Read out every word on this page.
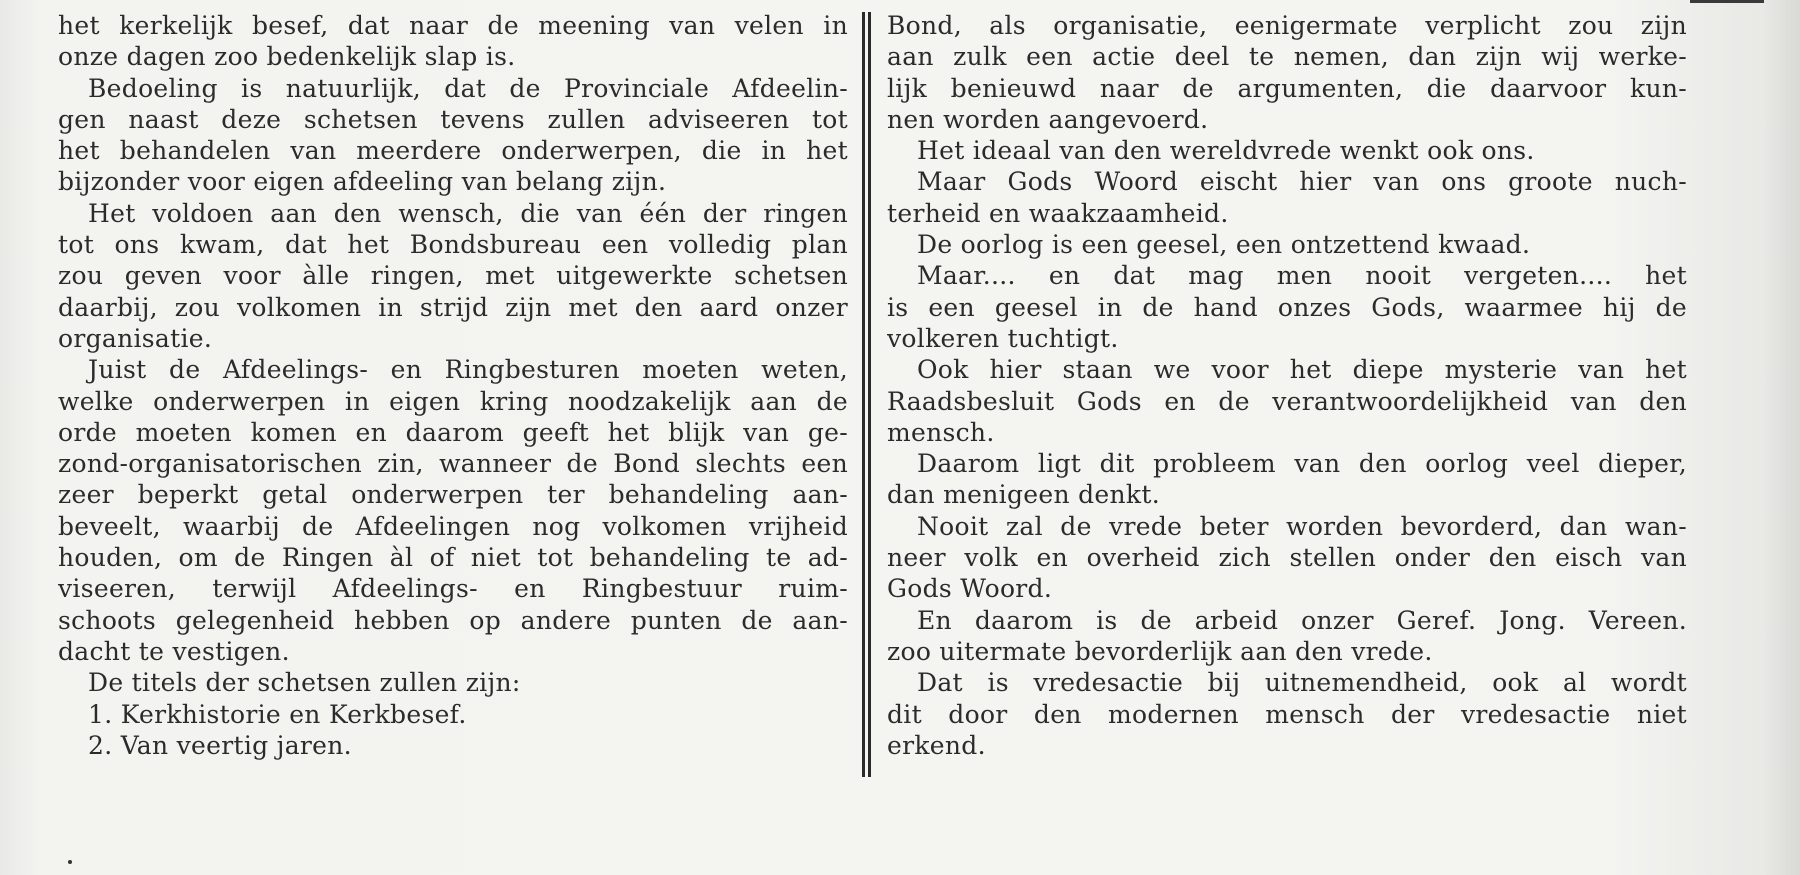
het kerkelijk besef, dat naar de meening van velen in
onze dagen zoo bedenkelijk slap is.
Bedoeling is natuurlijk, dat de Provinciale Afdeelin-
gen naast deze schetsen tevens zullen adviseeren tot
het behandelen van meerdere onderwerpen, die in het
bijzonder voor eigen afdeeling van belang zijn.
Het voldoen aan den wensch, die van één der ringen
tot ons kwam, dat het Bondsbureau een volledig plan
zou geven voor àlle ringen, met uitgewerkte schetsen
daarbij, zou volkomen in strijd zijn met den aard onzer
organisatie.
Juist de Afdeelings- en Ringbesturen moeten weten,
welke onderwerpen in eigen kring noodzakelijk aan de
orde moeten komen en daarom geeft het blijk van ge-
zond-organisatorischen zin, wanneer de Bond slechts een
zeer beperkt getal onderwerpen ter behandeling aan-
beveelt, waarbij de Afdeelingen nog volkomen vrijheid
houden, om de Ringen àl of niet tot behandeling te ad-
viseeren, terwijl Afdeelings- en Ringbestuur ruim-
schoots gelegenheid hebben op andere punten de aan-
dacht te vestigen.
De titels der schetsen zullen zijn:
1. Kerkhistorie en Kerkbesef.
2. Van veertig jaren.
Bond, als organisatie, eenigermate verplicht zou zijn
aan zulk een actie deel te nemen, dan zijn wij werke-
lijk benieuwd naar de argumenten, die daarvoor kun-
nen worden aangevoerd.
Het ideaal van den wereldvrede wenkt ook ons.
Maar Gods Woord eischt hier van ons groote nuch-
terheid en waakzaamheid.
De oorlog is een geesel, een ontzettend kwaad.
Maar.... en dat mag men nooit vergeten.... het
is een geesel in de hand onzes Gods, waarmee hij de
volkeren tuchtigt.
Ook hier staan we voor het diepe mysterie van het
Raadsbesluit Gods en de verantwoordelijkheid van den
mensch.
Daarom ligt dit probleem van den oorlog veel dieper,
dan menigeen denkt.
Nooit zal de vrede beter worden bevorderd, dan wan-
neer volk en overheid zich stellen onder den eisch van
Gods Woord.
En daarom is de arbeid onzer Geref. Jong. Vereen.
zoo uitermate bevorderlijk aan den vrede.
Dat is vredesactie bij uitnemendheid, ook al wordt
dit door den modernen mensch der vredesactie niet
erkend.
